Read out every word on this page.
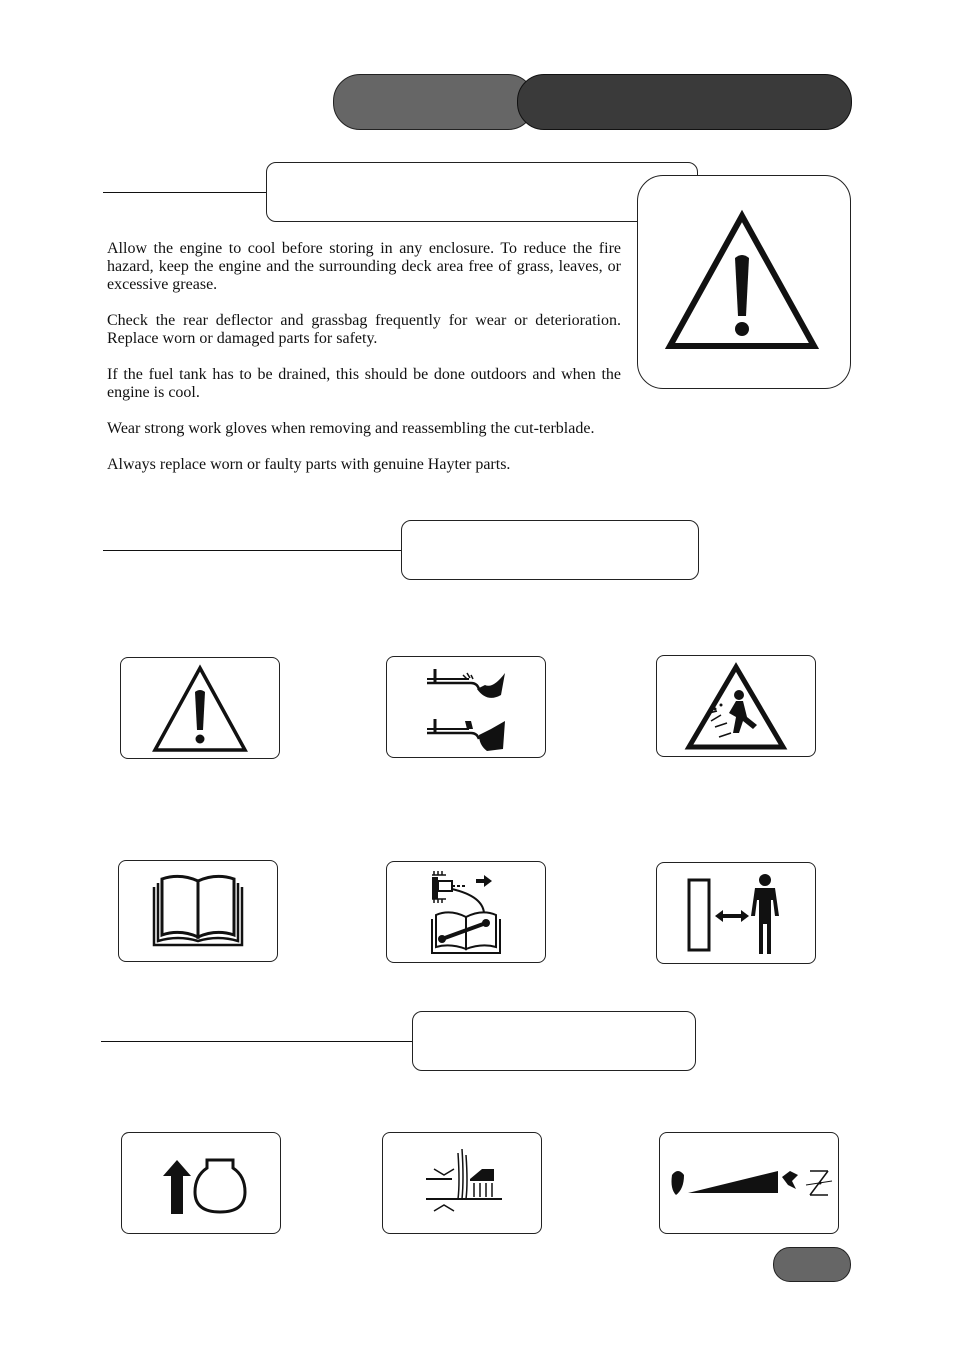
Allow the engine to cool before storing in any enclosure. To reduce the fire hazard, keep the engine and the surrounding deck area free of grass, leaves, or excessive grease.

Check the rear deflector and grassbag frequently for wear or deterioration. Replace worn or damaged parts for safety.

If the fuel tank has to be drained, this should be done outdoors and when the engine is cool.

Wear strong work gloves when removing and reassembling the cut-terblade.

Always replace worn or faulty parts with genuine Hayter parts.
